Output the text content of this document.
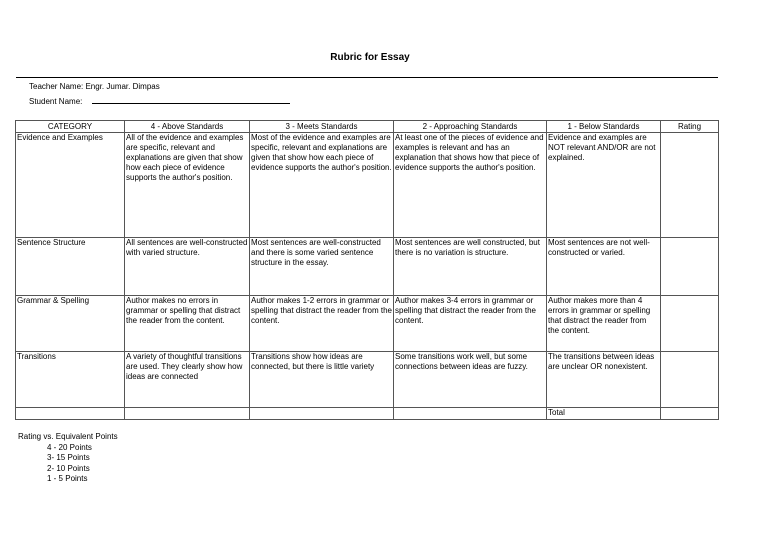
Rubric for Essay
Teacher Name: Engr. Jumar. Dimpas
Student Name:
CATEGORY	4 - Above Standards	3 - Meets Standards	2 - Approaching Standards	1 - Below Standards	Rating
Evidence and Examples	All of the evidence and examples are specific, relevant and explanations are given that show how each piece of evidence supports the author's position.	Most of the evidence and examples are specific, relevant and explanations are given that show how each piece of evidence supports the author's position.	At least one of the pieces of evidence and examples is relevant and has an explanation that shows how that piece of evidence supports the author's position.	Evidence and examples are NOT relevant AND/OR are not explained.	
Sentence Structure	All sentences are well-constructed with varied structure.	Most sentences are well-constructed and there is some varied sentence structure in the essay.	Most sentences are well constructed, but there is no variation is structure.	Most sentences are not well-constructed or varied.	
Grammar & Spelling	Author makes no errors in grammar or spelling that distract the reader from the content.	Author makes 1-2 errors in grammar or spelling that distract the reader from the content.	Author makes 3-4 errors in grammar or spelling that distract the reader from the content.	Author makes more than 4 errors in grammar or spelling that distract the reader from the content.	
Transitions	A variety of thoughtful transitions are used. They clearly show how ideas are connected	Transitions show how ideas are connected, but there is little variety	Some transitions work well, but some connections between ideas are fuzzy.	The transitions between ideas are unclear OR nonexistent.	
				Total	
Rating vs. Equivalent Points
4 - 20 Points
3- 15 Points
2- 10 Points
1 - 5 Points
